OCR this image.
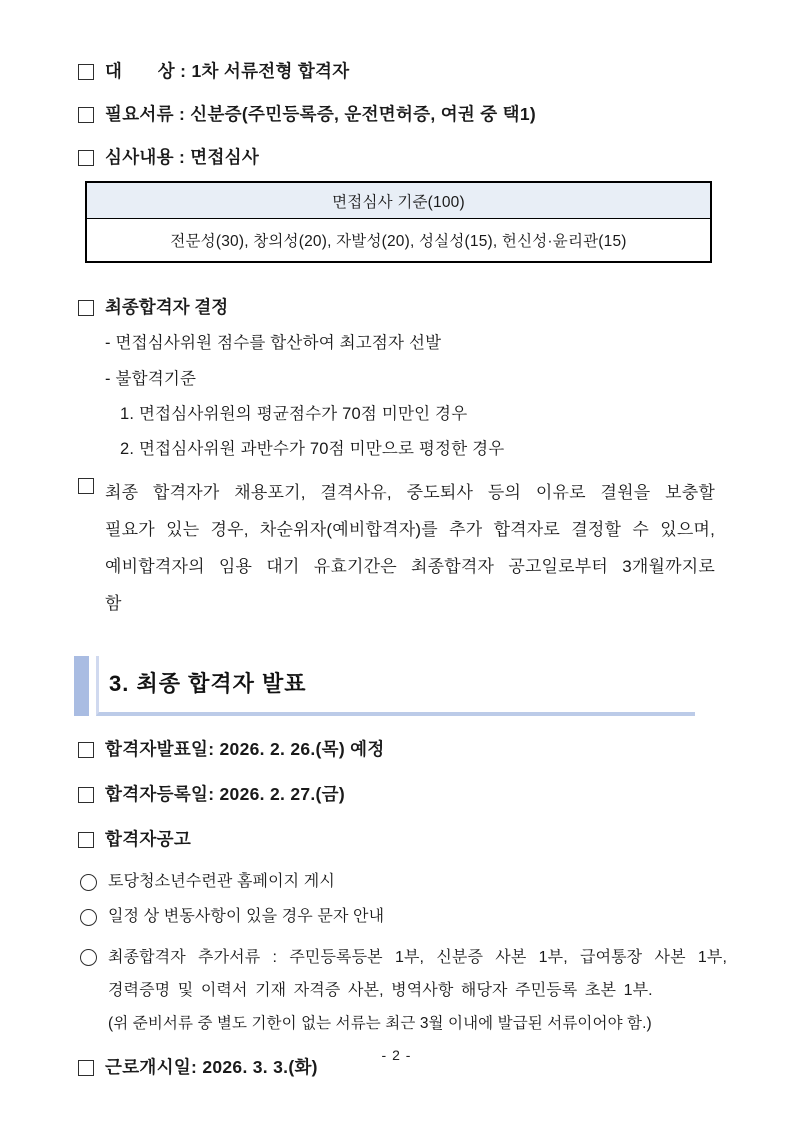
대　　상 : 1차 서류전형 합격자
필요서류 : 신분증(주민등록증, 운전면허증, 여권 중 택1)
심사내용 : 면접심사
면접심사 기준(100)
전문성(30), 창의성(20), 자발성(20), 성실성(15), 헌신성·윤리관(15)
최종합격자 결정
- 면접심사위원 점수를 합산하여 최고점자 선발
- 불합격기준
1. 면접심사위원의 평균점수가 70점 미만인 경우
2. 면접심사위원 과반수가 70점 미만으로 평정한 경우
최종 합격자가 채용포기, 결격사유, 중도퇴사 등의 이유로 결원을 보충할 필요가 있는 경우, 차순위자(예비합격자)를 추가 합격자로 결정할 수 있으며, 예비합격자의 임용 대기 유효기간은 최종합격자 공고일로부터 3개월까지로 함
3. 최종 합격자 발표
합격자발표일: 2026. 2. 26.(목) 예정
합격자등록일: 2026. 2. 27.(금)
합격자공고
토당청소년수련관 홈페이지 게시
일정 상 변동사항이 있을 경우 문자 안내
최종합격자 추가서류 : 주민등록등본 1부, 신분증 사본 1부, 급여통장 사본 1부, 경력증명 및 이력서 기재 자격증 사본, 병역사항 해당자 주민등록 초본 1부.
(위 준비서류 중 별도 기한이 없는 서류는 최근 3월 이내에 발급된 서류이어야 함.)
근로개시일: 2026. 3. 3.(화)
- 2 -
